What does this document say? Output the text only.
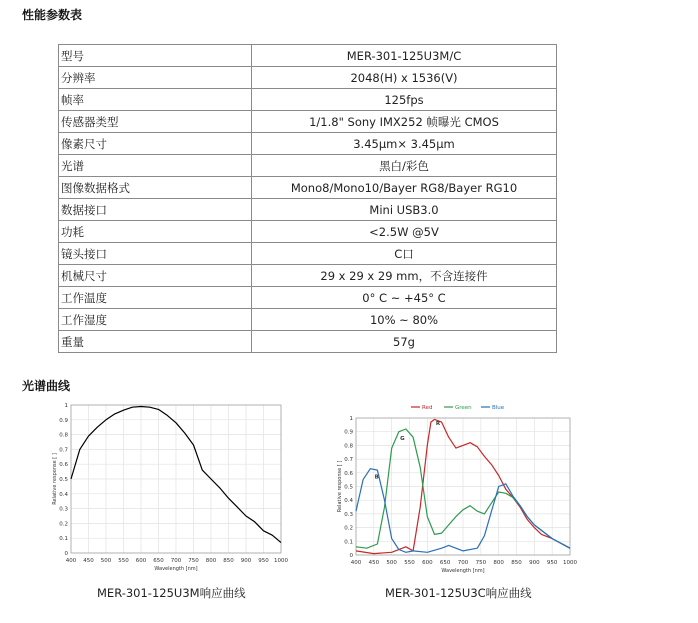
性能参数表
型号	MER-301-125U3M/C
分辨率	2048(H) x 1536(V)
帧率	125fps
传感器类型	1/1.8" Sony IMX252 帧曝光 CMOS
像素尺寸	3.45μm× 3.45μm
光谱	黑白/彩色
图像数据格式	Mono8/Mono10/Bayer RG8/Bayer RG10
数据接口	Mini USB3.0
功耗	<2.5W @5V
镜头接口	C口
机械尺寸	29 x 29 x 29 mm，不含连接件
工作温度	0° C ~ +45° C
工作湿度	10% ~ 80%
重量	57g
光谱曲线
400 450 500 550 600 650 700 750 800 850 900 950 1000
0
0.1
0.2
0.3
0.4
0.5
0.6
0.7
0.8
0.9
1
Wavelength [nm]
Relative response [ ]
400 450 500 550 600 650 700 750 800 850 900 950 1000
0
0.1
0.2
0.3
0.4
0.5
0.6
0.7
0.8
0.9
1
Wavelength [nm]
Relative response [ ]
R
G
B
Red	Green	Blue
MER-301-125U3M响应曲线	MER-301-125U3C响应曲线
